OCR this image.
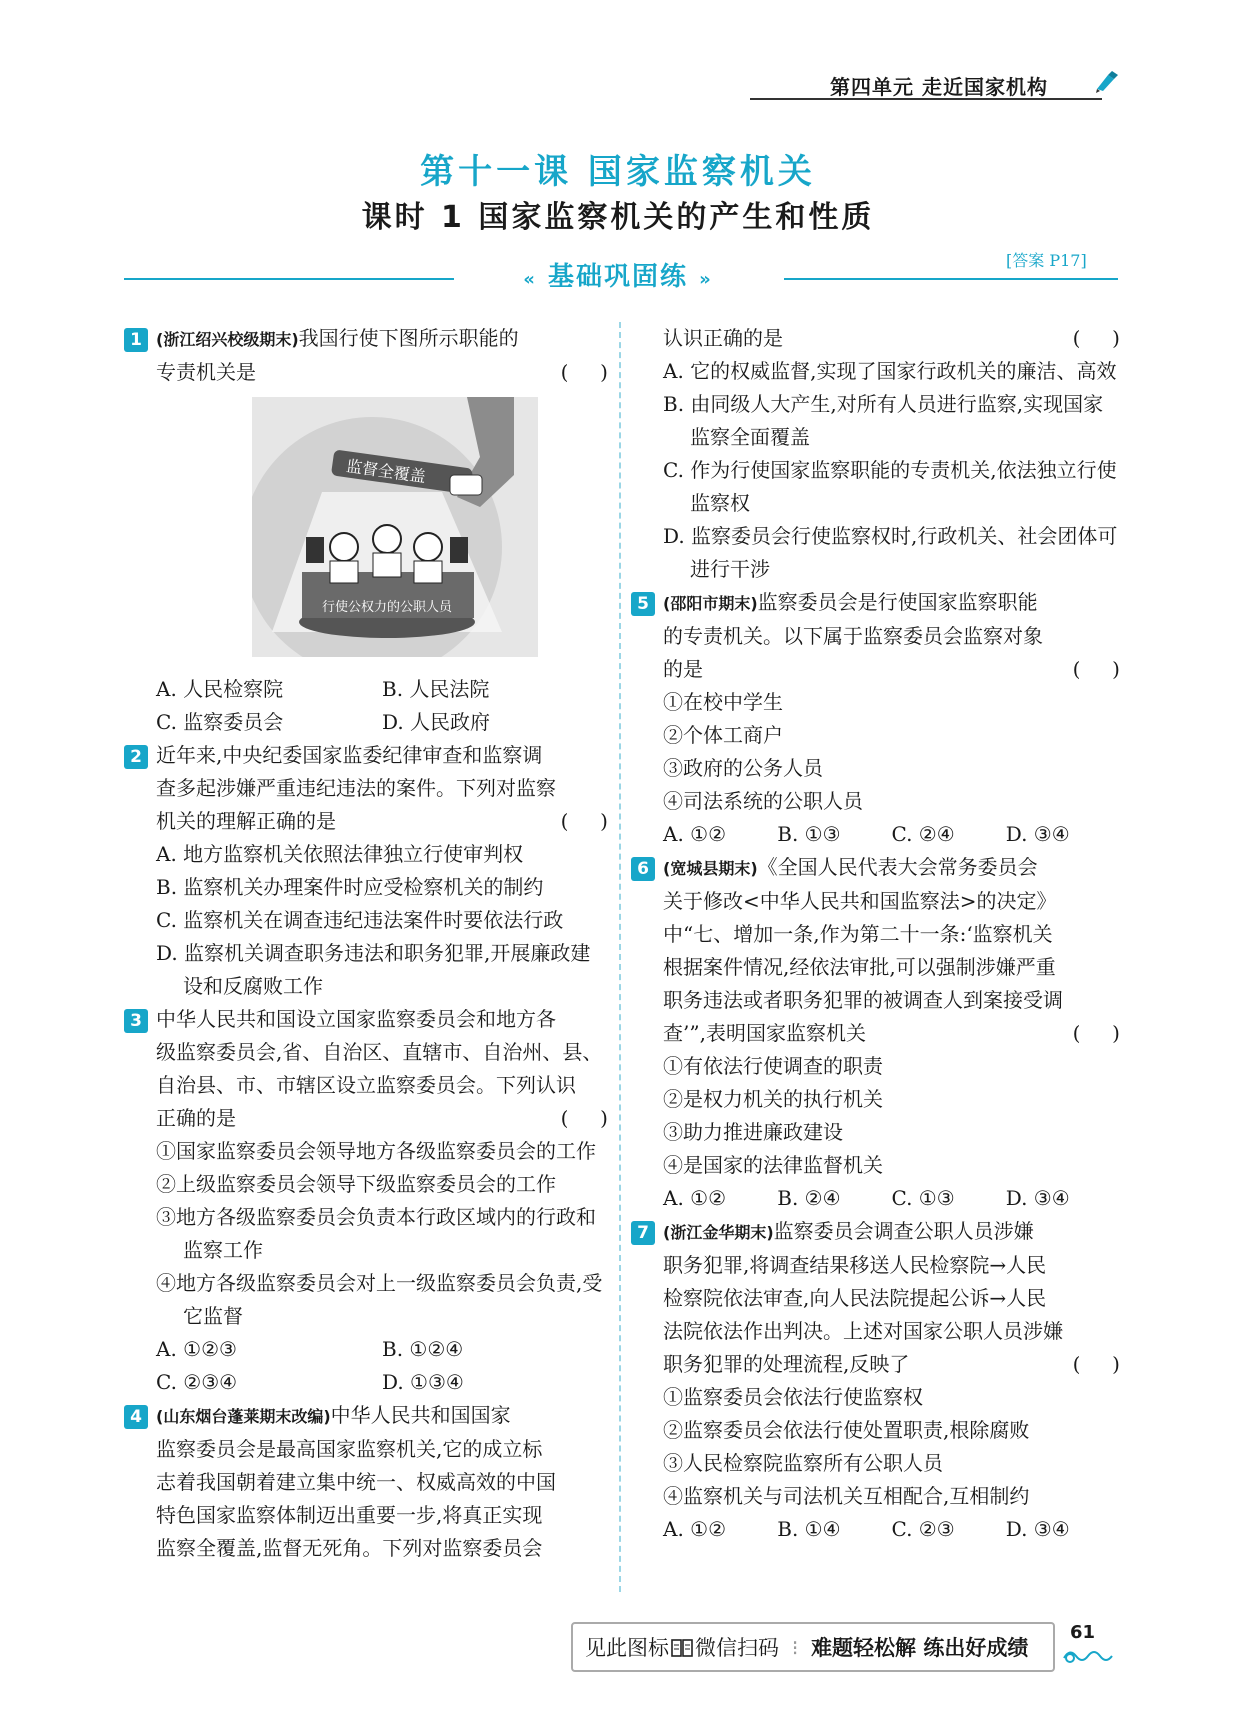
第四单元 走近国家机构
第十一课 国家监察机关
课时 1 国家监察机关的产生和性质
[答案 P17]
« 基础巩固练 »
1 (浙江绍兴校级期末)我国行使下图所示职能的
专责机关是	(     )
监督全覆盖
行使公权力的公职人员
A. 人民检察院	B. 人民法院
C. 监察委员会	D. 人民政府
2 近年来,中央纪委国家监委纪律审查和监察调
查多起涉嫌严重违纪违法的案件。下列对监察
机关的理解正确的是	(     )
A. 地方监察机关依照法律独立行使审判权
B. 监察机关办理案件时应受检察机关的制约
C. 监察机关在调查违纪违法案件时要依法行政
D. 监察机关调查职务违法和职务犯罪,开展廉政建设和反腐败工作
3 中华人民共和国设立国家监察委员会和地方各
级监察委员会,省、自治区、直辖市、自治州、县、
自治县、市、市辖区设立监察委员会。下列认识
正确的是	(     )
①国家监察委员会领导地方各级监察委员会的工作
②上级监察委员会领导下级监察委员会的工作
③地方各级监察委员会负责本行政区域内的行政和监察工作
④地方各级监察委员会对上一级监察委员会负责,受它监督
A. ①②③	B. ①②④
C. ②③④	D. ①③④
4 (山东烟台蓬莱期末改编)中华人民共和国国家
监察委员会是最高国家监察机关,它的成立标
志着我国朝着建立集中统一、权威高效的中国
特色国家监察体制迈出重要一步,将真正实现
监察全覆盖,监督无死角。下列对监察委员会
认识正确的是	(     )
A. 它的权威监督,实现了国家行政机关的廉洁、高效
B. 由同级人大产生,对所有人员进行监察,实现国家监察全面覆盖
C. 作为行使国家监察职能的专责机关,依法独立行使监察权
D. 监察委员会行使监察权时,行政机关、社会团体可进行干涉
5 (邵阳市期末)监察委员会是行使国家监察职能
的专责机关。以下属于监察委员会监察对象
的是	(     )
①在校中学生
②个体工商户
③政府的公务人员
④司法系统的公职人员
A. ①②	B. ①③	C. ②④	D. ③④
6 (宽城县期末)《全国人民代表大会常务委员会
关于修改<中华人民共和国监察法>的决定》
中“七、增加一条,作为第二十一条:‘监察机关
根据案件情况,经依法审批,可以强制涉嫌严重
职务违法或者职务犯罪的被调查人到案接受调
查’”,表明国家监察机关	(     )
①有依法行使调查的职责
②是权力机关的执行机关
③助力推进廉政建设
④是国家的法律监督机关
A. ①②	B. ②④	C. ①③	D. ③④
7 (浙江金华期末)监察委员会调查公职人员涉嫌
职务犯罪,将调查结果移送人民检察院→人民
检察院依法审查,向人民法院提起公诉→人民
法院依法作出判决。上述对国家公职人员涉嫌
职务犯罪的处理流程,反映了	(     )
①监察委员会依法行使监察权
②监察委员会依法行使处置职责,根除腐败
③人民检察院监察所有公职人员
④监察机关与司法机关互相配合,互相制约
A. ①②	B. ①④	C. ②③	D. ③④
见此图标 微信扫码 ⁝ 难题轻松解 练出好成绩
61
